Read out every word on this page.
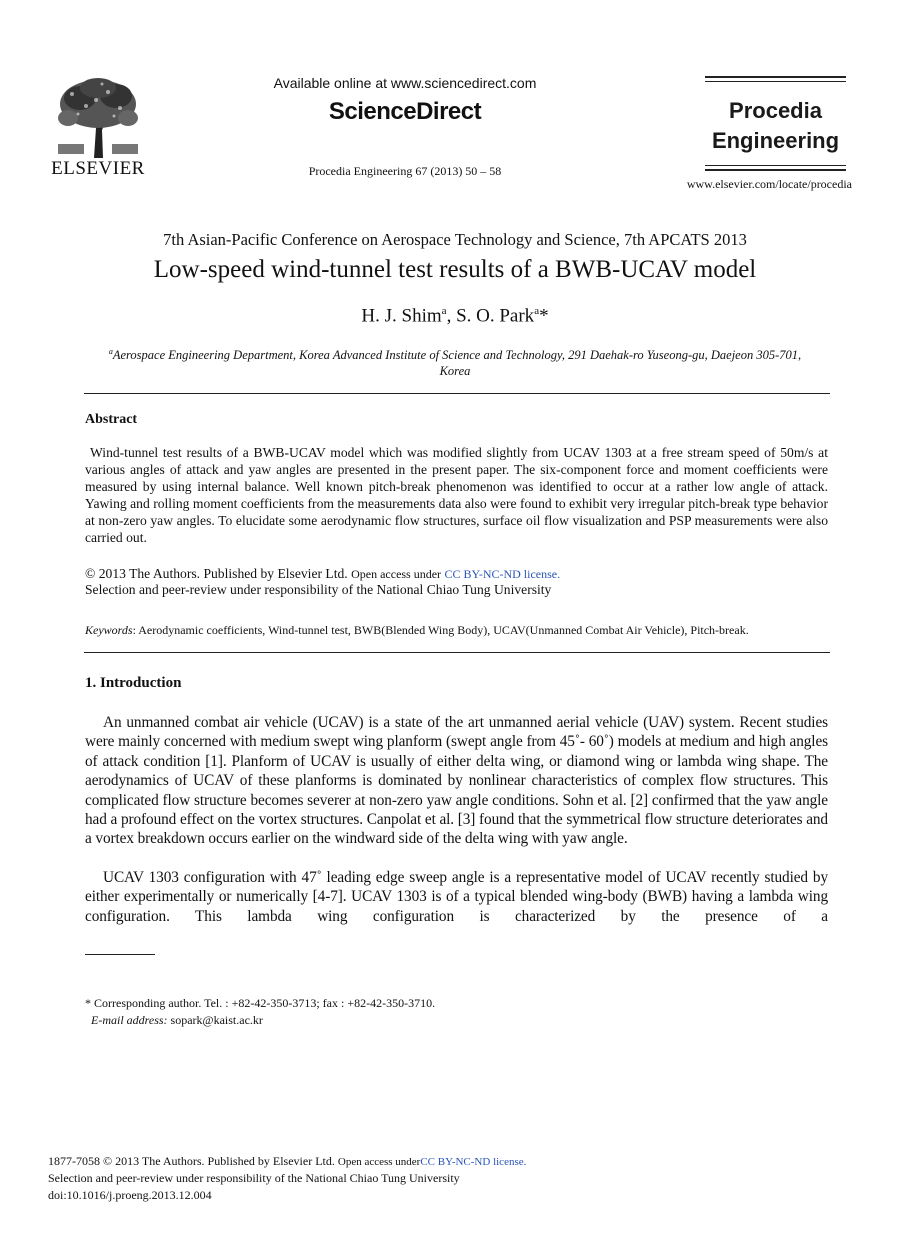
ELSEVIER
Available online at www.sciencedirect.com
ScienceDirect
Procedia Engineering 67 (2013) 50 – 58
Procedia
Engineering
www.elsevier.com/locate/procedia
7th Asian-Pacific Conference on Aerospace Technology and Science, 7th APCATS 2013
Low-speed wind-tunnel test results of a BWB-UCAV model
H. J. Shim$^a$, S. O. Park$^a$*
$^a$Aerospace Engineering Department, Korea Advanced Institute of Science and Technology, 291 Daehak-ro Yuseong-gu, Daejeon 305-701,
Korea
Abstract

Wind-tunnel test results of a BWB-UCAV model which was modified slightly from UCAV 1303 at a free stream speed of 50m/s at various angles of attack and yaw angles are presented in the present paper. The six-component force and moment coefficients were measured by using internal balance. Well known pitch-break phenomenon was identified to occur at a rather low angle of attack. Yawing and rolling moment coefficients from the measurements data also were found to exhibit very irregular pitch-break type behavior at non-zero yaw angles. To elucidate some aerodynamic flow structures, surface oil flow visualization and PSP measurements were also carried out.

© 2013 The Authors. Published by Elsevier Ltd. Open access under CC BY-NC-ND license.
Selection and peer-review under responsibility of the National Chiao Tung University
Keywords: Aerodynamic coefficients, Wind-tunnel test, BWB(Blended Wing Body), UCAV(Unmanned Combat Air Vehicle), Pitch-break.
1. Introduction

An unmanned combat air vehicle (UCAV) is a state of the art unmanned aerial vehicle (UAV) system. Recent studies were mainly concerned with medium swept wing planform (swept angle from 45˚- 60˚) models at medium and high angles of attack condition [1]. Planform of UCAV is usually of either delta wing, or diamond wing or lambda wing shape. The aerodynamics of UCAV of these planforms is dominated by nonlinear characteristics of complex flow structures. This complicated flow structure becomes severer at non-zero yaw angle conditions. Sohn et al. [2] confirmed that the yaw angle had a profound effect on the vortex structures. Canpolat et al. [3] found that the symmetrical flow structure deteriorates and a vortex breakdown occurs earlier on the windward side of the delta wing with yaw angle.

UCAV 1303 configuration with 47˚ leading edge sweep angle is a representative model of UCAV recently studied by either experimentally or numerically [4-7]. UCAV 1303 is of a typical blended wing-body (BWB) having a lambda wing configuration. This lambda wing configuration is characterized by the presence of a

* Corresponding author. Tel. : +82-42-350-3713; fax : +82-42-350-3710.
E-mail address: sopark@kaist.ac.kr
1877-7058 © 2013 The Authors. Published by Elsevier Ltd. Open access underCC BY-NC-ND license.
Selection and peer-review under responsibility of the National Chiao Tung University
doi:10.1016/j.proeng.2013.12.004
